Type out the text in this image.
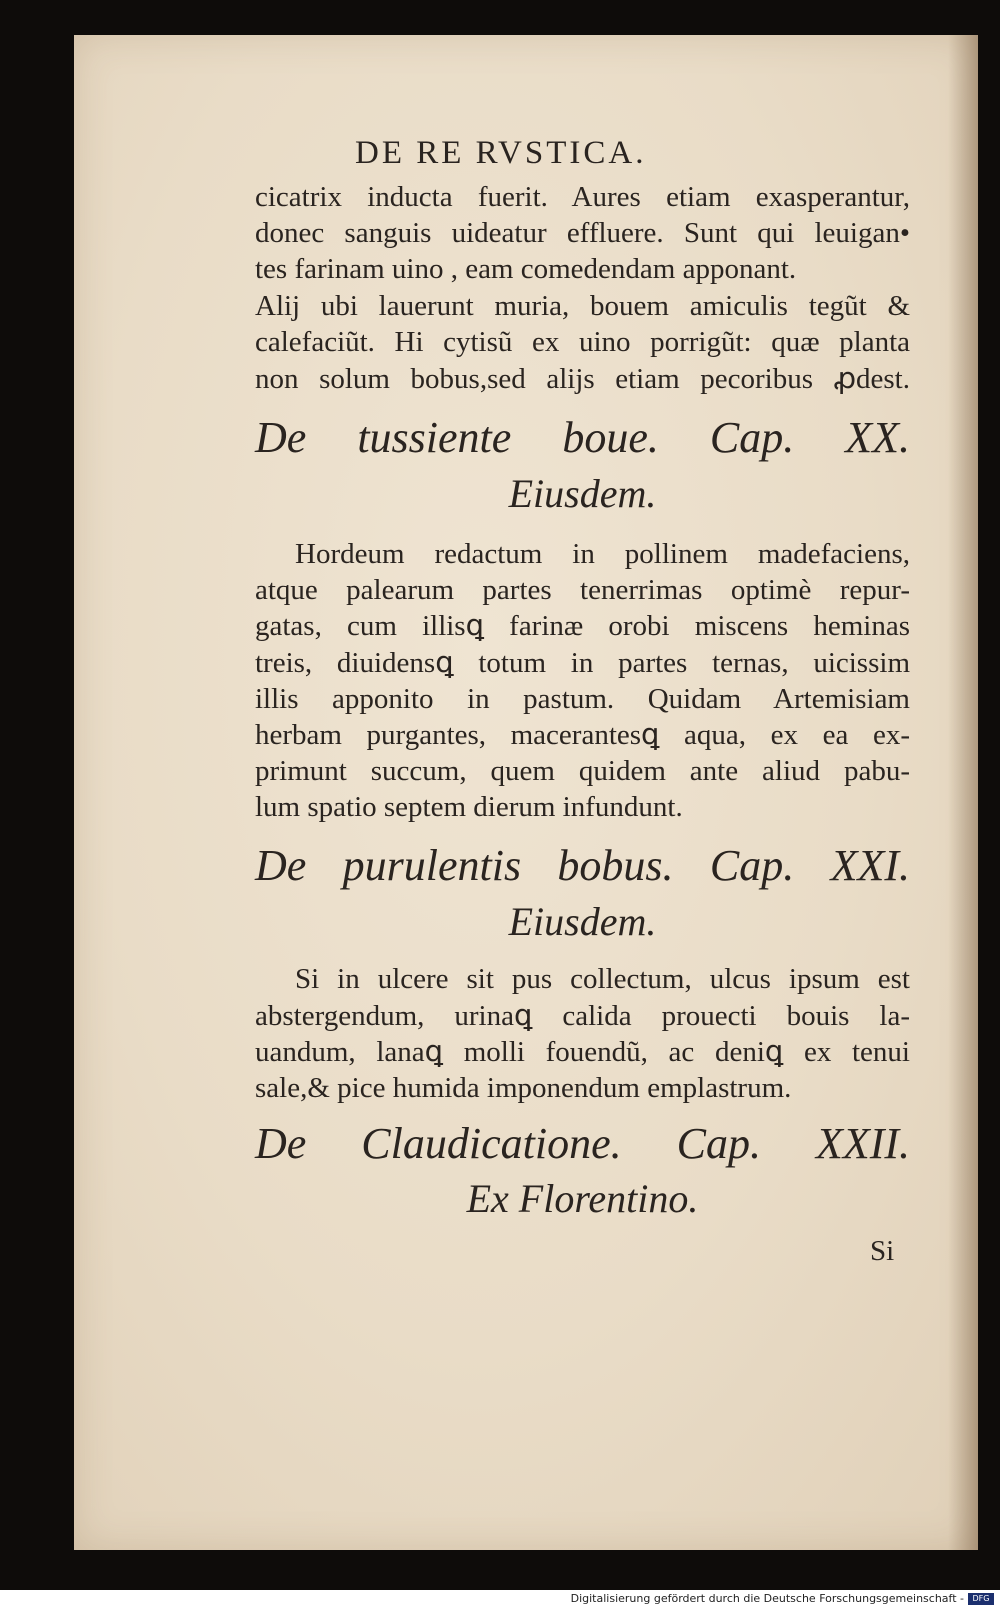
DE RE RVSTICA.
cicatrix inducta fuerit. Aures etiam exasperantur,
donec sanguis uideatur effluere. Sunt qui leuigan•
tes farinam uino , eam comedendam apponant.
Alij ubi lauerunt muria, bouem amiculis tegũt &
calefaciũt. Hi cytisũ ex uino porrigũt: quæ planta
non solum bobus,sed alijs etiam pecoribus ꝓdest.
De tussiente boue. Cap. XX.
Eiusdem.
Hordeum redactum in pollinem madefaciens,
atque palearum partes tenerrimas optimè repur-
gatas, cum illisꝗ farinæ orobi miscens heminas
treis, diuidensꝗ totum in partes ternas, uicissim
illis apponito in pastum. Quidam Artemisiam
herbam purgantes, macerantesꝗ aqua, ex ea ex-
primunt succum, quem quidem ante aliud pabu-
lum spatio septem dierum infundunt.
De purulentis bobus. Cap. XXI.
Eiusdem.
Si in ulcere sit pus collectum, ulcus ipsum est
abstergendum, urinaꝗ calida prouecti bouis la-
uandum, lanaꝗ molli fouendũ, ac deniꝗ ex tenui
sale,& pice humida imponendum emplastrum.
De Claudicatione. Cap. XXII.
Ex Florentino.
Si
Digitalisierung gefördert durch die Deutsche Forschungsgemeinschaft -	DFG
